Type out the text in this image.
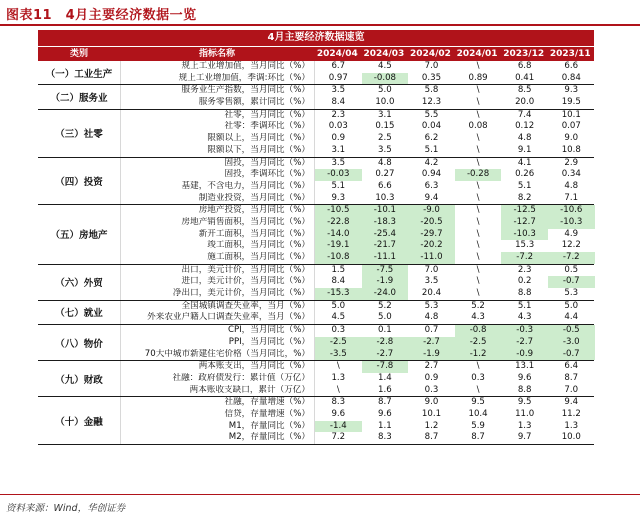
图表11　4月主要经济数据一览
4月主要经济数据速览
类别	指标名称	2024/04 2024/03 2024/02 2024/01 2023/12 2023/11
（一）工业生产
规上工业增加值，当月同比（%）	6.7	4.5	7.0	\	6.8	6.6
规上工业增加值，季调:环比（%）	0.97	-0.08	0.35	0.89	0.41	0.84
（二）服务业
服务业生产指数，当月同比（%）	3.5	5.0	5.8	\	8.5	9.3
服务零售额，累计同比（%）	8.4	10.0	12.3	\	20.0	19.5
（三）社零
社零，当月同比（%）	2.3	3.1	5.5	\	7.4	10.1
社零：季调环比（%）	0.03	0.15	0.04	0.08	0.12	0.07
限额以上，当月同比（%）	0.9	2.5	6.2	\	4.8	9.0
限额以下，当月同比（%）	3.1	3.5	5.1	\	9.1	10.8
（四）投资
固投，当月同比（%）	3.5	4.8	4.2	\	4.1	2.9
固投，季调环比（%）	-0.03	0.27	0.94	-0.28	0.26	0.34
基建，不含电力，当月同比（%）	5.1	6.6	6.3	\	5.1	4.8
制造业投资，当月同比（%）	9.3	10.3	9.4	\	8.2	7.1
（五）房地产
房地产投资，当月同比（%）	-10.5	-10.1	-9.0	\	-12.5	-10.6
房地产销售面积，当月同比（%）	-22.8	-18.3	-20.5	\	-12.7	-10.3
新开工面积，当月同比（%）	-14.0	-25.4	-29.7	\	-10.3	4.9
竣工面积，当月同比（%）	-19.1	-21.7	-20.2	\	15.3	12.2
施工面积，当月同比（%）	-10.8	-11.1	-11.0	\	-7.2	-7.2
（六）外贸
出口，美元计价，当月同比（%）	1.5	-7.5	7.0	\	2.3	0.5
进口，美元计价，当月同比（%）	8.4	-1.9	3.5	\	0.2	-0.7
净出口，美元计价，当月同比（%）	-15.3	-24.0	20.4	\	8.8	5.3
（七）就业
全国城镇调查失业率，当月（%）	5.0	5.2	5.3	5.2	5.1	5.0
外来农业户籍人口调查失业率，当月（%）	4.5	5.0	4.8	4.3	4.3	4.4
（八）物价
CPI，当月同比（%）	0.3	0.1	0.7	-0.8	-0.3	-0.5
PPI，当月同比（%）	-2.5	-2.8	-2.7	-2.5	-2.7	-3.0
70大中城市新建住宅价格（当月同比，%）	-3.5	-2.7	-1.9	-1.2	-0.9	-0.7
（九）财政
两本账支出，当月同比（%）	\	-7.8	2.7	\	13.1	6.4
社融：政府债发行：累计值（万亿）	1.3	1.4	0.9	0.3	9.6	8.7
两本账收支缺口，累计（万亿）	\	1.6	0.3	\	8.8	7.0
（十）金融
社融，存量增速（%）	8.3	8.7	9.0	9.5	9.5	9.4
信贷，存量增速（%）	9.6	9.6	10.1	10.4	11.0	11.2
M1，存量同比（%）	-1.4	1.1	1.2	5.9	1.3	1.3
M2，存量同比（%）	7.2	8.3	8.7	8.7	9.7	10.0
资料来源：Wind，华创证券
